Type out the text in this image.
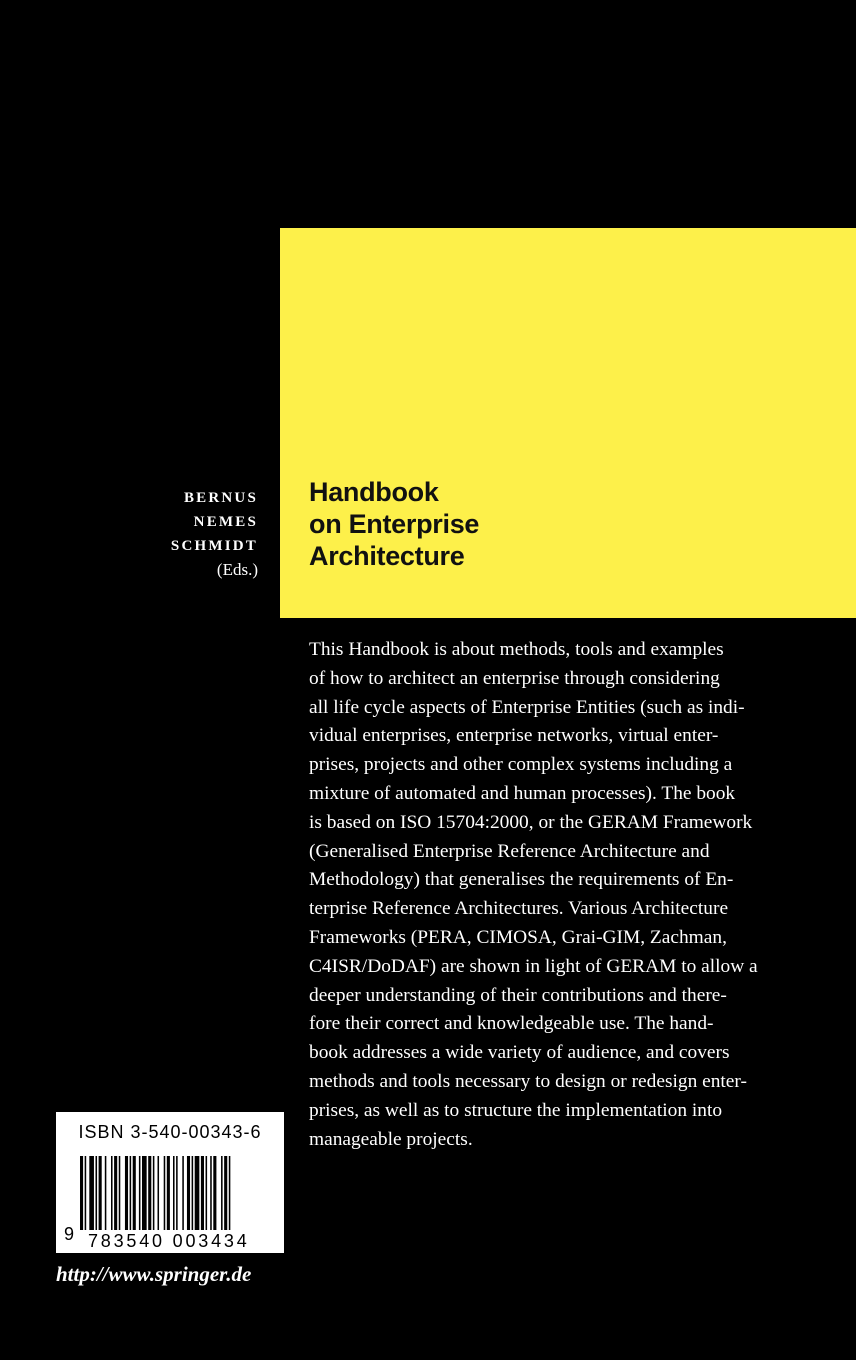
Handbook
on Enterprise
Architecture
BERNUS
NEMES
SCHMIDT
(Eds.)
This Handbook is about methods, tools and examples
of how to architect an enterprise through considering
all life cycle aspects of Enterprise Entities (such as indi-
vidual enterprises, enterprise networks, virtual enter-
prises, projects and other complex systems including a
mixture of automated and human processes). The book
is based on ISO 15704:2000, or the GERAM Framework
(Generalised Enterprise Reference Architecture and
Methodology) that generalises the requirements of En-
terprise Reference Architectures. Various Architecture
Frameworks (PERA, CIMOSA, Grai-GIM, Zachman,
C4ISR/DoDAF) are shown in light of GERAM to allow a
deeper understanding of their contributions and there-
fore their correct and knowledgeable use. The hand-
book addresses a wide variety of audience, and covers
methods and tools necessary to design or redesign enter-
prises, as well as to structure the implementation into
manageable projects.
ISBN 3-540-00343-6
9 783540 003434
http://www.springer.de
